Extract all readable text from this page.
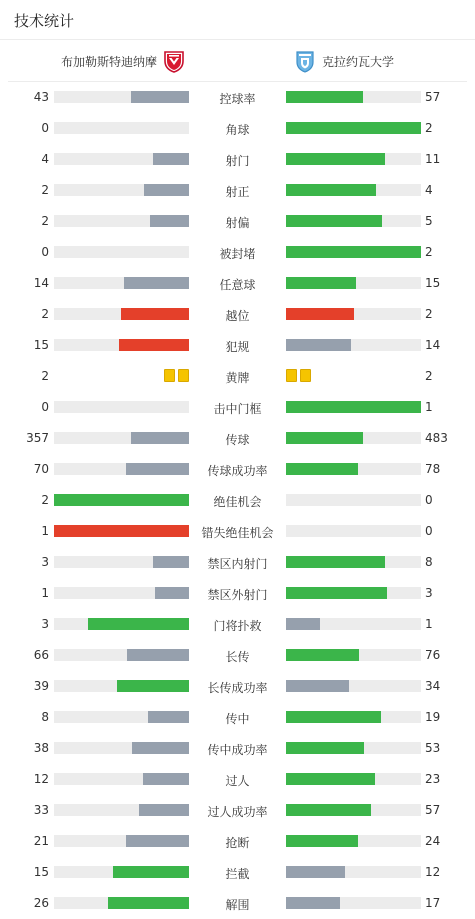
技术统计
布加勒斯特迪纳摩	克拉约瓦大学
43	控球率	57
0	角球	2
4	射门	11
2	射正	4
2	射偏	5
0	被封堵	2
14	任意球	15
2	越位	2
15	犯规	14
2	黄牌	2
0	击中门框	1
357	传球	483
70	传球成功率	78
2	绝佳机会	0
1	错失绝佳机会	0
3	禁区内射门	8
1	禁区外射门	3
3	门将扑救	1
66	长传	76
39	长传成功率	34
8	传中	19
38	传中成功率	53
12	过人	23
33	过人成功率	57
21	抢断	24
15	拦截	12
26	解围	17
